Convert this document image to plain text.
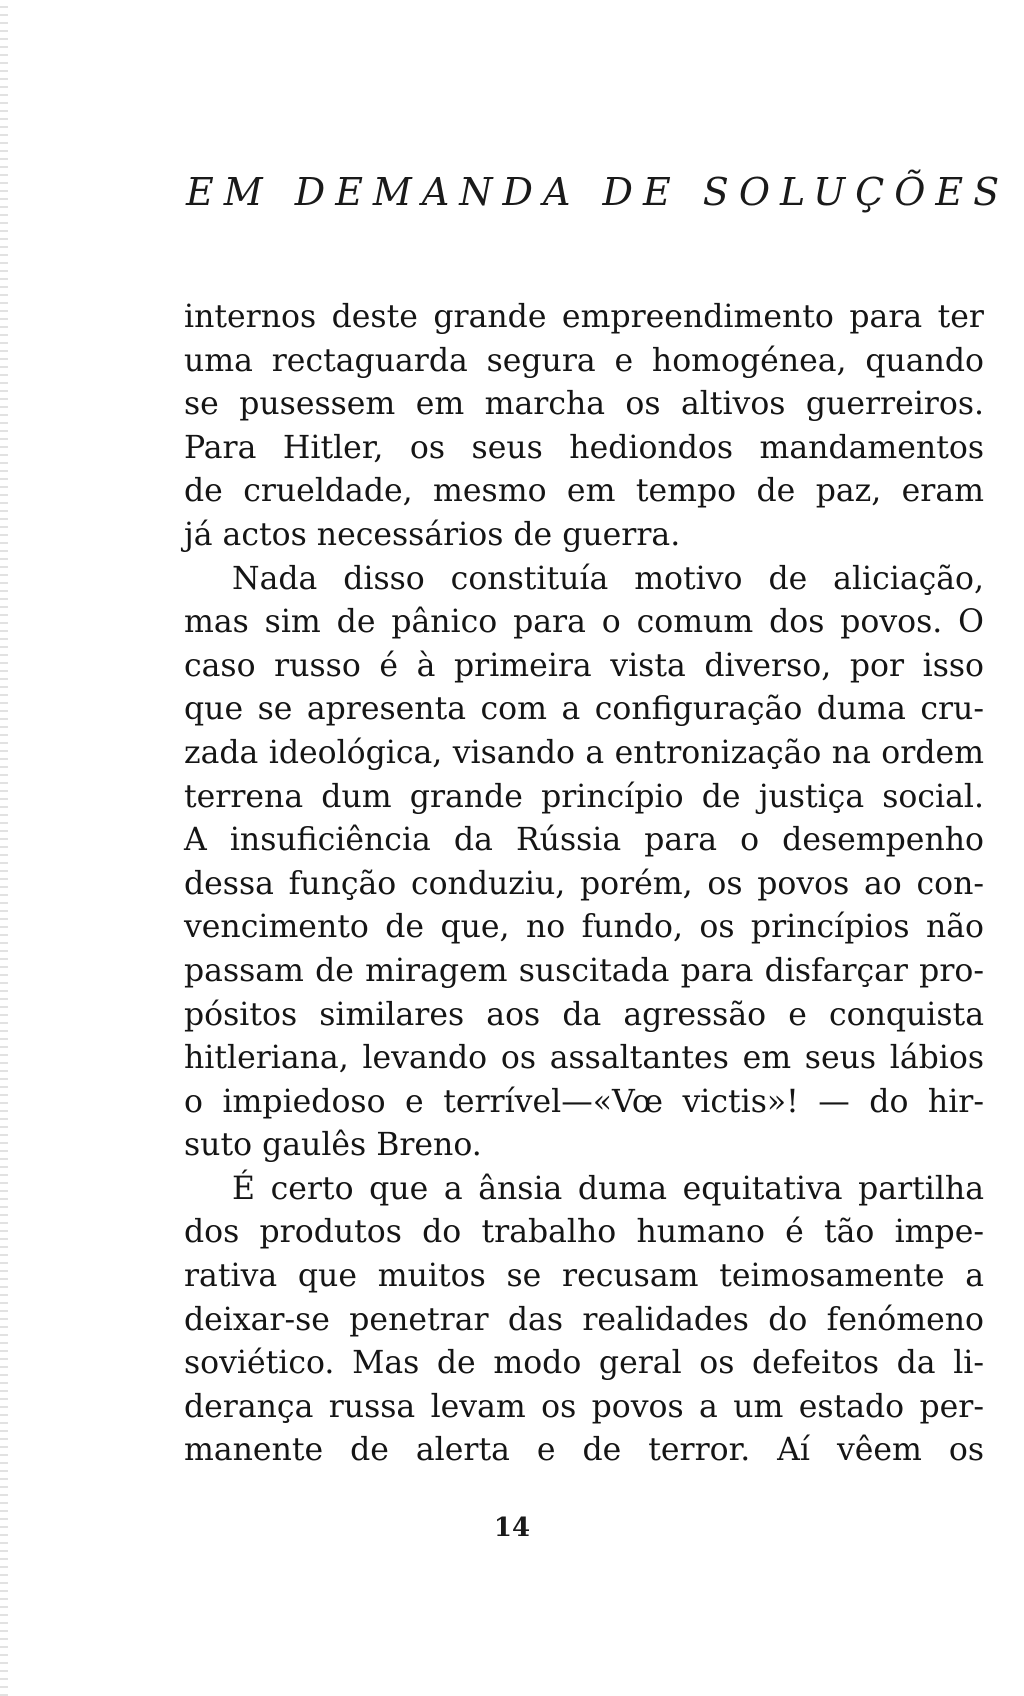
EM DEMANDA DE SOLUÇÕES
internos deste grande empreendimento para ter
uma rectaguarda segura e homogénea, quando
se pusessem em marcha os altivos guerreiros.
Para Hitler, os seus hediondos mandamentos
de crueldade, mesmo em tempo de paz, eram
já actos necessários de guerra.
Nada disso constituía motivo de aliciação,
mas sim de pânico para o comum dos povos. O
caso russo é à primeira vista diverso, por isso
que se apresenta com a configuração duma cru-
zada ideológica, visando a entronização na ordem
terrena dum grande princípio de justiça social.
A insuficiência da Rússia para o desempenho
dessa função conduziu, porém, os povos ao con-
vencimento de que, no fundo, os princípios não
passam de miragem suscitada para disfarçar pro-
pósitos similares aos da agressão e conquista
hitleriana, levando os assaltantes em seus lábios
o impiedoso e terrível—«Vœ victis»! — do hir-
suto gaulês Breno.
É certo que a ânsia duma equitativa partilha
dos produtos do trabalho humano é tão impe-
rativa que muitos se recusam teimosamente a
deixar-se penetrar das realidades do fenómeno
soviético. Mas de modo geral os defeitos da li-
derança russa levam os povos a um estado per-
manente de alerta e de terror. Aí vêem os
14
